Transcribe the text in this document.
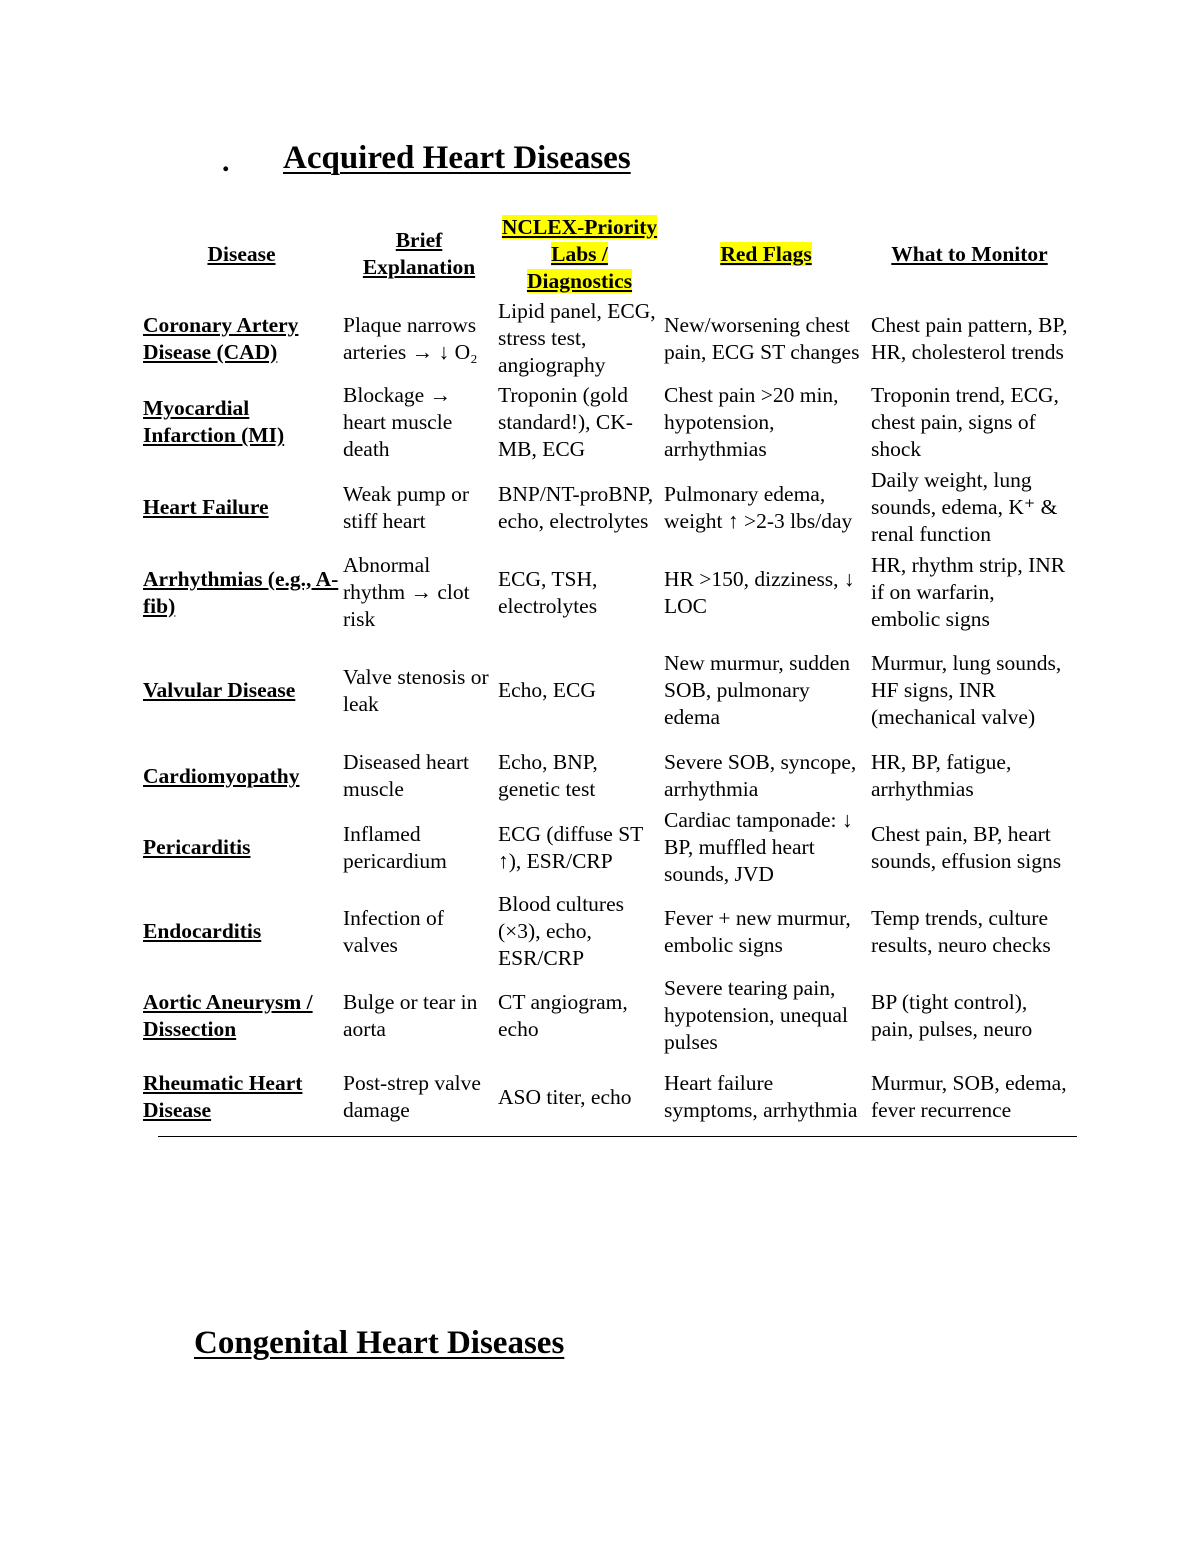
. Acquired Heart Diseases
Disease	Brief Explanation	NCLEX-Priority Labs / Diagnostics	Red Flags	What to Monitor
Coronary Artery Disease (CAD)	Plaque narrows arteries → ↓ O₂	Lipid panel, ECG, stress test, angiography	New/worsening chest pain, ECG ST changes	Chest pain pattern, BP, HR, cholesterol trends
Myocardial Infarction (MI)	Blockage → heart muscle death	Troponin (gold standard!), CK-MB, ECG	Chest pain >20 min, hypotension, arrhythmias	Troponin trend, ECG, chest pain, signs of shock
Heart Failure	Weak pump or stiff heart	BNP/NT-proBNP, echo, electrolytes	Pulmonary edema, weight ↑ >2-3 lbs/day	Daily weight, lung sounds, edema, K⁺ & renal function
Arrhythmias (e.g., A-fib)	Abnormal rhythm → clot risk	ECG, TSH, electrolytes	HR >150, dizziness, ↓ LOC	HR, rhythm strip, INR if on warfarin, embolic signs
Valvular Disease	Valve stenosis or leak	Echo, ECG	New murmur, sudden SOB, pulmonary edema	Murmur, lung sounds, HF signs, INR (mechanical valve)
Cardiomyopathy	Diseased heart muscle	Echo, BNP, genetic test	Severe SOB, syncope, arrhythmia	HR, BP, fatigue, arrhythmias
Pericarditis	Inflamed pericardium	ECG (diffuse ST ↑), ESR/CRP	Cardiac tamponade: ↓ BP, muffled heart sounds, JVD	Chest pain, BP, heart sounds, effusion signs
Endocarditis	Infection of valves	Blood cultures (×3), echo, ESR/CRP	Fever + new murmur, embolic signs	Temp trends, culture results, neuro checks
Aortic Aneurysm / Dissection	Bulge or tear in aorta	CT angiogram, echo	Severe tearing pain, hypotension, unequal pulses	BP (tight control), pain, pulses, neuro
Rheumatic Heart Disease	Post-strep valve damage	ASO titer, echo	Heart failure symptoms, arrhythmia	Murmur, SOB, edema, fever recurrence
Congenital Heart Diseases
